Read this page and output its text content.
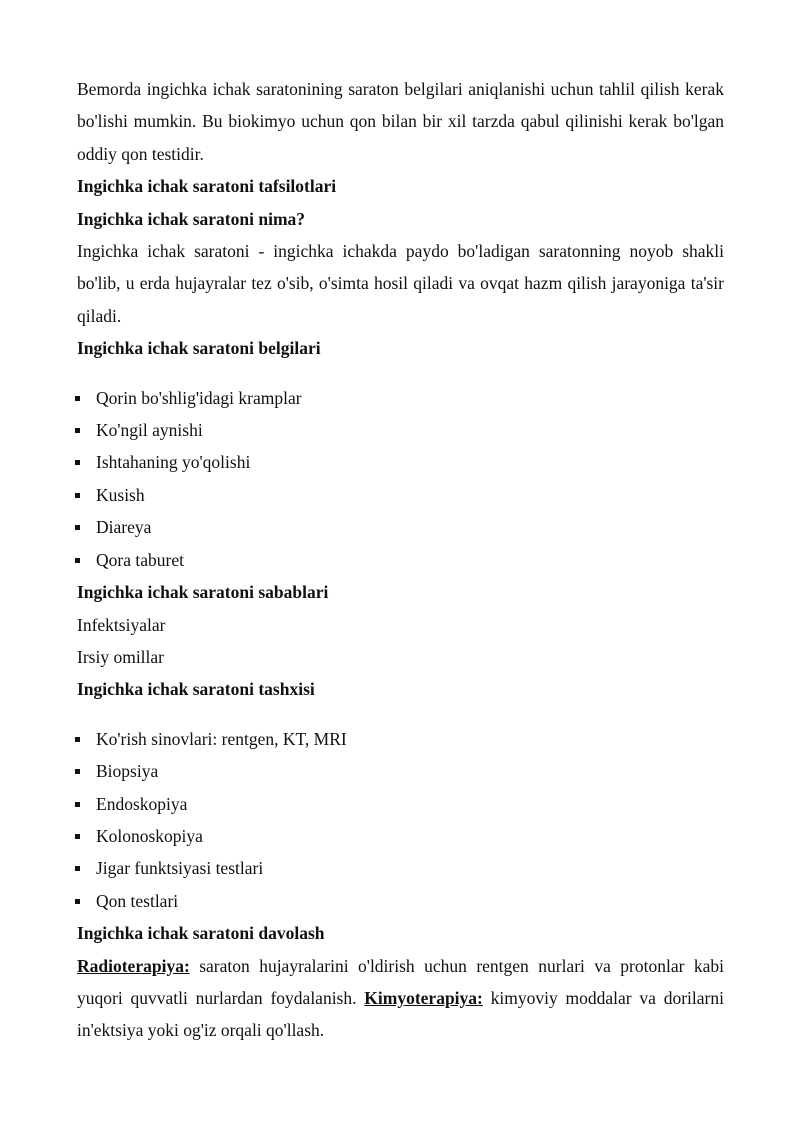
Bemorda ingichka ichak saratonining saraton belgilari aniqlanishi uchun tahlil qilish kerak bo'lishi mumkin. Bu biokimyo uchun qon bilan bir xil tarzda qabul qilinishi kerak bo'lgan oddiy qon testidir.

Ingichka ichak saratoni tafsilotlari

Ingichka ichak saratoni nima?

Ingichka ichak saratoni - ingichka ichakda paydo bo'ladigan saratonning noyob shakli bo'lib, u erda hujayralar tez o'sib, o'simta hosil qiladi va ovqat hazm qilish jarayoniga ta'sir qiladi.

Ingichka ichak saratoni belgilari

Qorin bo'shlig'idagi kramplar
Ko'ngil aynishi
Ishtahaning yo'qolishi
Kusish
Diareya
Qora taburet

Ingichka ichak saratoni sabablari

Infektsiyalar

Irsiy omillar

Ingichka ichak saratoni tashxisi

Ko'rish sinovlari: rentgen, KT, MRI
Biopsiya
Endoskopiya
Kolonoskopiya
Jigar funktsiyasi testlari
Qon testlari

Ingichka ichak saratoni davolash

Radioterapiya: saraton hujayralarini o'ldirish uchun rentgen nurlari va protonlar kabi yuqori quvvatli nurlardan foydalanish. Kimyoterapiya: kimyoviy moddalar va dorilarni in'ektsiya yoki og'iz orqali qo'llash.
